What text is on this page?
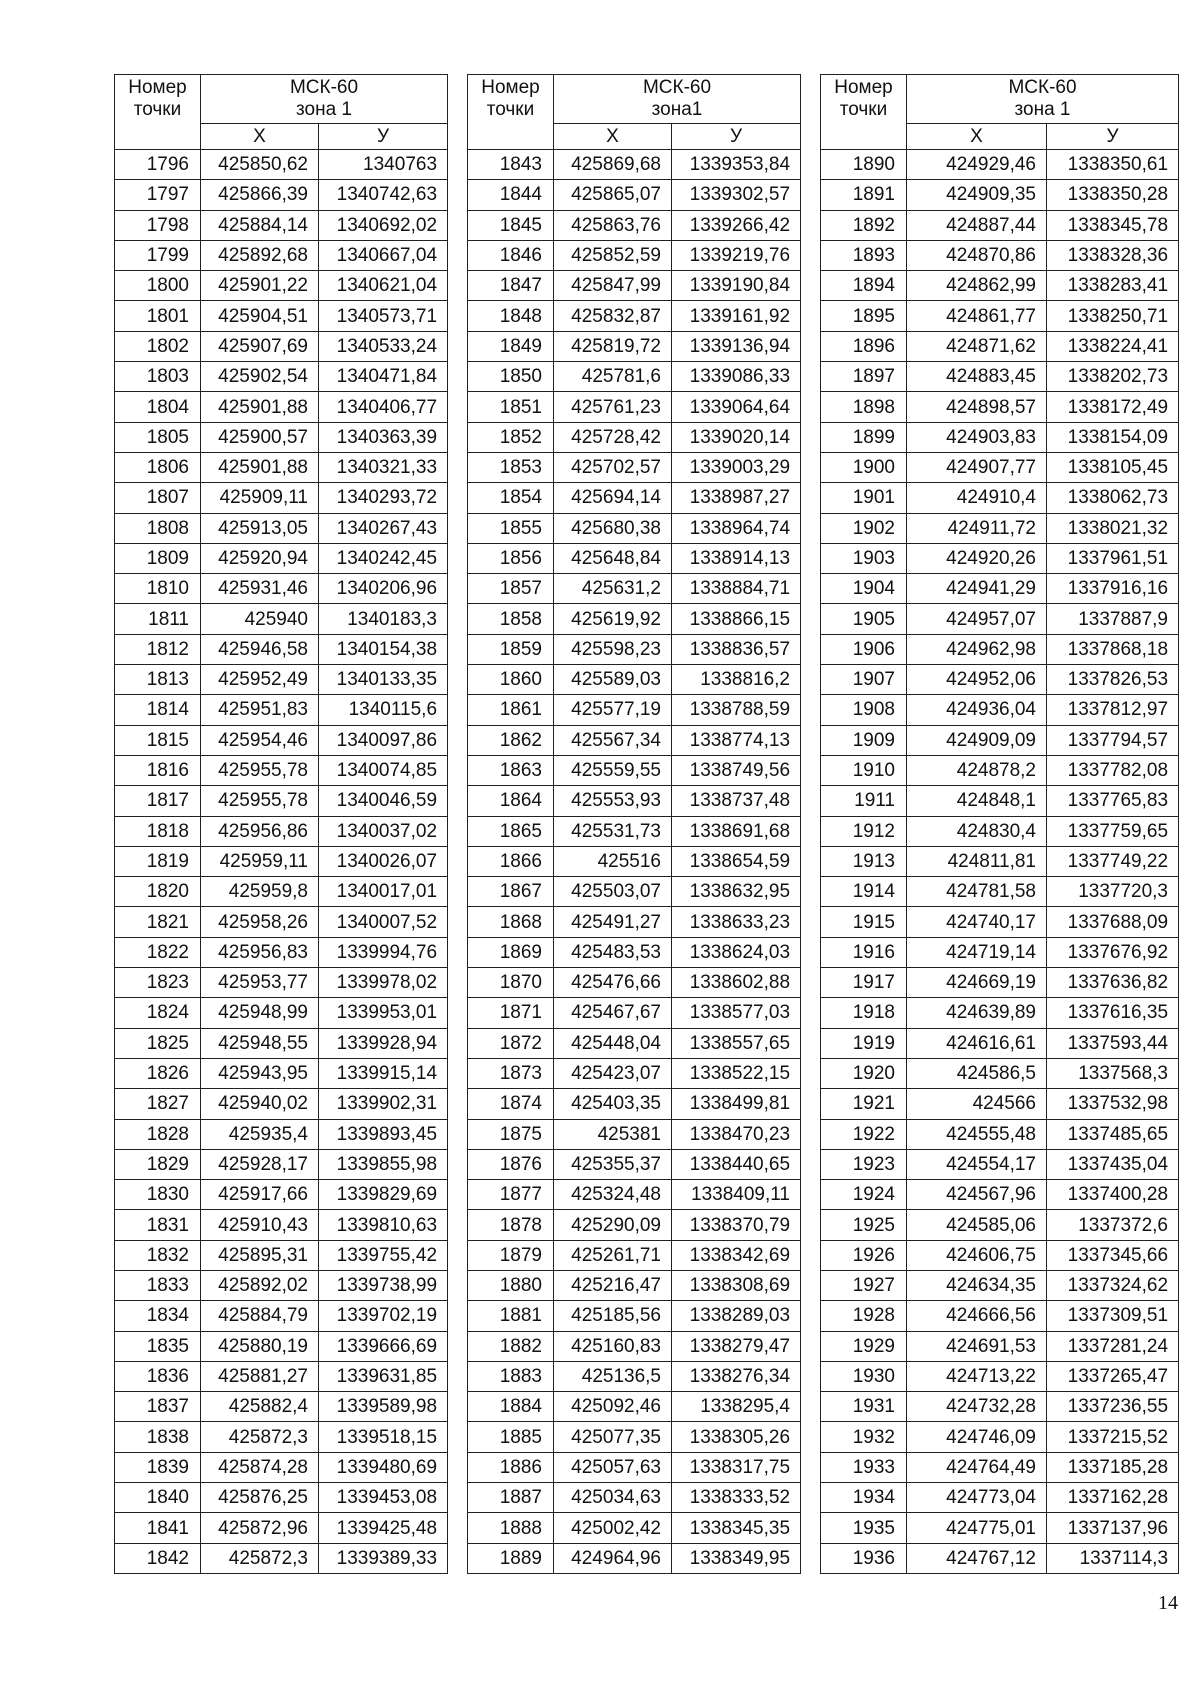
Номер точки	МСК-60
зона 1	

	X	У
1796	425850,62	1340763
1797	425866,39	1340742,63
1798	425884,14	1340692,02
1799	425892,68	1340667,04
1800	425901,22	1340621,04
1801	425904,51	1340573,71
1802	425907,69	1340533,24
1803	425902,54	1340471,84
1804	425901,88	1340406,77
1805	425900,57	1340363,39
1806	425901,88	1340321,33
1807	425909,11	1340293,72
1808	425913,05	1340267,43
1809	425920,94	1340242,45
1810	425931,46	1340206,96
1811	425940	1340183,3
1812	425946,58	1340154,38
1813	425952,49	1340133,35
1814	425951,83	1340115,6
1815	425954,46	1340097,86
1816	425955,78	1340074,85
1817	425955,78	1340046,59
1818	425956,86	1340037,02
1819	425959,11	1340026,07
1820	425959,8	1340017,01
1821	425958,26	1340007,52
1822	425956,83	1339994,76
1823	425953,77	1339978,02
1824	425948,99	1339953,01
1825	425948,55	1339928,94
1826	425943,95	1339915,14
1827	425940,02	1339902,31
1828	425935,4	1339893,45
1829	425928,17	1339855,98
1830	425917,66	1339829,69
1831	425910,43	1339810,63
1832	425895,31	1339755,42
1833	425892,02	1339738,99
1834	425884,79	1339702,19
1835	425880,19	1339666,69
1836	425881,27	1339631,85
1837	425882,4	1339589,98
1838	425872,3	1339518,15
1839	425874,28	1339480,69
1840	425876,25	1339453,08
1841	425872,96	1339425,48
1842	425872,3	1339389,33
Номер точки	МСК-60
зона1	

	X	У
1843	425869,68	1339353,84
1844	425865,07	1339302,57
1845	425863,76	1339266,42
1846	425852,59	1339219,76
1847	425847,99	1339190,84
1848	425832,87	1339161,92
1849	425819,72	1339136,94
1850	425781,6	1339086,33
1851	425761,23	1339064,64
1852	425728,42	1339020,14
1853	425702,57	1339003,29
1854	425694,14	1338987,27
1855	425680,38	1338964,74
1856	425648,84	1338914,13
1857	425631,2	1338884,71
1858	425619,92	1338866,15
1859	425598,23	1338836,57
1860	425589,03	1338816,2
1861	425577,19	1338788,59
1862	425567,34	1338774,13
1863	425559,55	1338749,56
1864	425553,93	1338737,48
1865	425531,73	1338691,68
1866	425516	1338654,59
1867	425503,07	1338632,95
1868	425491,27	1338633,23
1869	425483,53	1338624,03
1870	425476,66	1338602,88
1871	425467,67	1338577,03
1872	425448,04	1338557,65
1873	425423,07	1338522,15
1874	425403,35	1338499,81
1875	425381	1338470,23
1876	425355,37	1338440,65
1877	425324,48	1338409,11
1878	425290,09	1338370,79
1879	425261,71	1338342,69
1880	425216,47	1338308,69
1881	425185,56	1338289,03
1882	425160,83	1338279,47
1883	425136,5	1338276,34
1884	425092,46	1338295,4
1885	425077,35	1338305,26
1886	425057,63	1338317,75
1887	425034,63	1338333,52
1888	425002,42	1338345,35
1889	424964,96	1338349,95
Номер точки	МСК-60
зона 1	

	X	У
1890	424929,46	1338350,61
1891	424909,35	1338350,28
1892	424887,44	1338345,78
1893	424870,86	1338328,36
1894	424862,99	1338283,41
1895	424861,77	1338250,71
1896	424871,62	1338224,41
1897	424883,45	1338202,73
1898	424898,57	1338172,49
1899	424903,83	1338154,09
1900	424907,77	1338105,45
1901	424910,4	1338062,73
1902	424911,72	1338021,32
1903	424920,26	1337961,51
1904	424941,29	1337916,16
1905	424957,07	1337887,9
1906	424962,98	1337868,18
1907	424952,06	1337826,53
1908	424936,04	1337812,97
1909	424909,09	1337794,57
1910	424878,2	1337782,08
1911	424848,1	1337765,83
1912	424830,4	1337759,65
1913	424811,81	1337749,22
1914	424781,58	1337720,3
1915	424740,17	1337688,09
1916	424719,14	1337676,92
1917	424669,19	1337636,82
1918	424639,89	1337616,35
1919	424616,61	1337593,44
1920	424586,5	1337568,3
1921	424566	1337532,98
1922	424555,48	1337485,65
1923	424554,17	1337435,04
1924	424567,96	1337400,28
1925	424585,06	1337372,6
1926	424606,75	1337345,66
1927	424634,35	1337324,62
1928	424666,56	1337309,51
1929	424691,53	1337281,24
1930	424713,22	1337265,47
1931	424732,28	1337236,55
1932	424746,09	1337215,52
1933	424764,49	1337185,28
1934	424773,04	1337162,28
1935	424775,01	1337137,96
1936	424767,12	1337114,3
14
